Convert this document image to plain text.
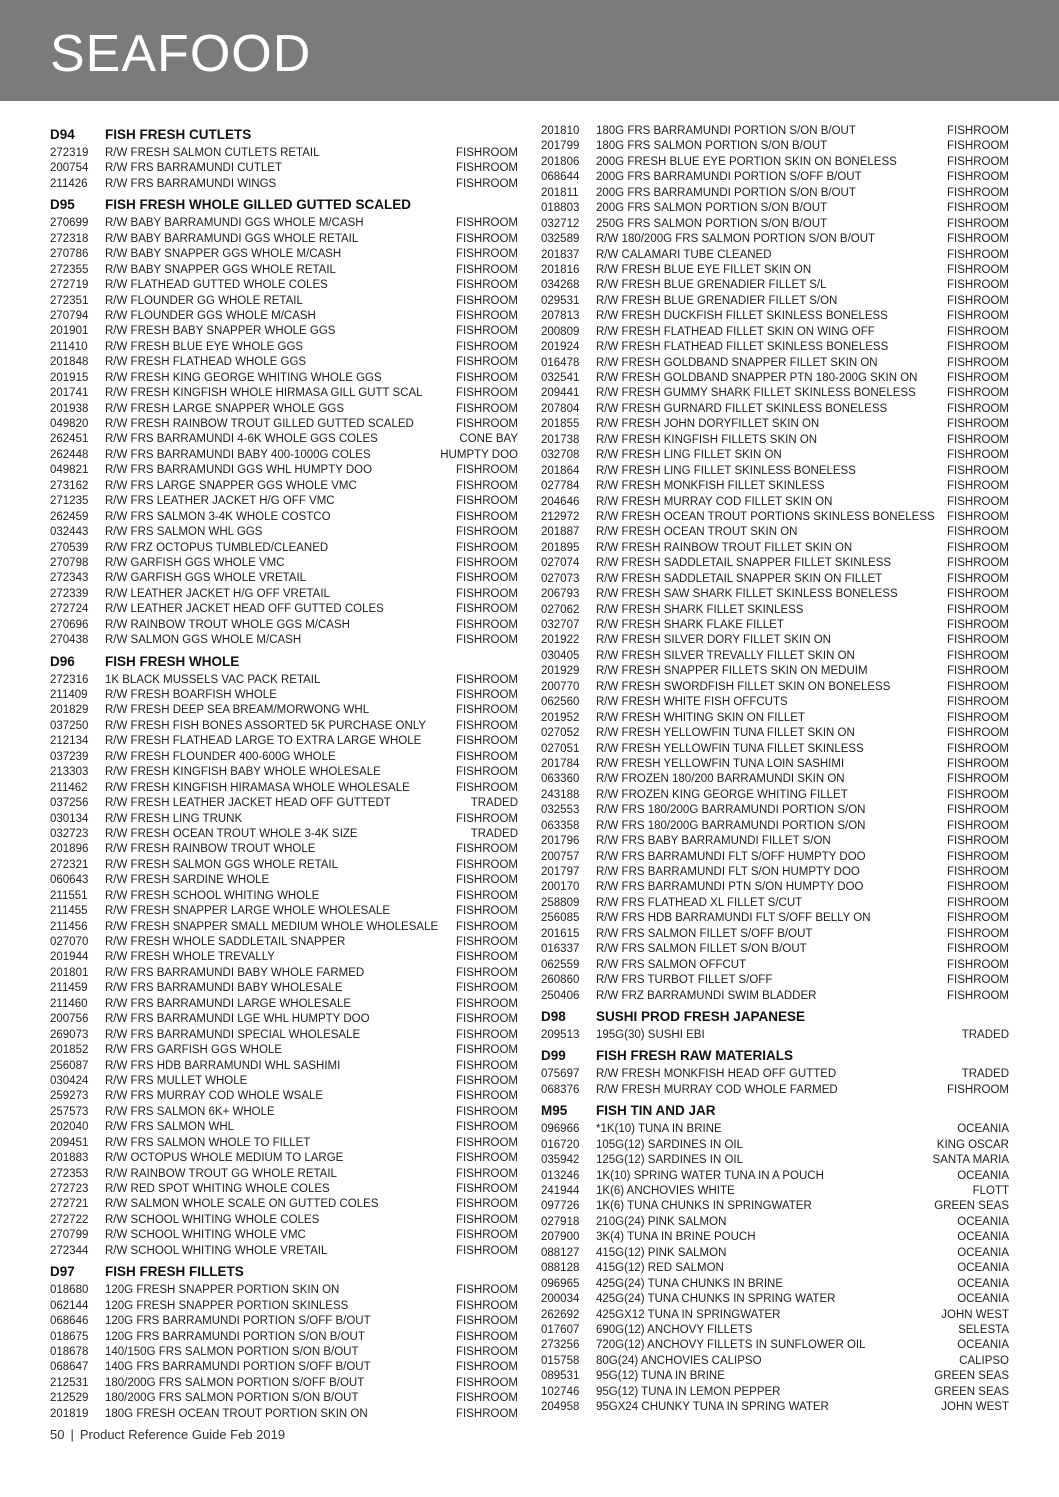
SEAFOOD
D94	FISH FRESH CUTLETS
272319	R/W FRESH SALMON CUTLETS RETAIL	FISHROOM
200754	R/W FRS BARRAMUNDI CUTLET	FISHROOM
211426	R/W FRS BARRAMUNDI WINGS	FISHROOM
D95	FISH FRESH WHOLE GILLED GUTTED SCALED
270699	R/W BABY BARRAMUNDI GGS WHOLE M/CASH	FISHROOM
272318	R/W BABY BARRAMUNDI GGS WHOLE RETAIL	FISHROOM
270786	R/W BABY SNAPPER GGS WHOLE M/CASH	FISHROOM
272355	R/W BABY SNAPPER GGS WHOLE RETAIL	FISHROOM
272719	R/W FLATHEAD GUTTED WHOLE COLES	FISHROOM
272351	R/W FLOUNDER GG WHOLE RETAIL	FISHROOM
270794	R/W FLOUNDER GGS WHOLE M/CASH	FISHROOM
201901	R/W FRESH BABY SNAPPER WHOLE GGS	FISHROOM
211410	R/W FRESH BLUE EYE WHOLE GGS	FISHROOM
201848	R/W FRESH FLATHEAD WHOLE GGS	FISHROOM
201915	R/W FRESH KING GEORGE WHITING WHOLE GGS	FISHROOM
201741	R/W FRESH KINGFISH WHOLE HIRMASA GILL GUTT SCAL	FISHROOM
201938	R/W FRESH LARGE SNAPPER WHOLE GGS	FISHROOM
049820	R/W FRESH RAINBOW TROUT GILLED GUTTED SCALED	FISHROOM
262451	R/W FRS BARRAMUNDI 4-6K WHOLE GGS COLES	CONE BAY
262448	R/W FRS BARRAMUNDI BABY 400-1000G COLES	HUMPTY DOO
049821	R/W FRS BARRAMUNDI GGS WHL HUMPTY DOO	FISHROOM
273162	R/W FRS LARGE SNAPPER GGS WHOLE VMC	FISHROOM
271235	R/W FRS LEATHER JACKET H/G OFF VMC	FISHROOM
262459	R/W FRS SALMON 3-4K WHOLE COSTCO	FISHROOM
032443	R/W FRS SALMON WHL GGS	FISHROOM
270539	R/W FRZ OCTOPUS TUMBLED/CLEANED	FISHROOM
270798	R/W GARFISH GGS WHOLE VMC	FISHROOM
272343	R/W GARFISH GGS WHOLE VRETAIL	FISHROOM
272339	R/W LEATHER JACKET H/G OFF VRETAIL	FISHROOM
272724	R/W LEATHER JACKET HEAD OFF GUTTED COLES	FISHROOM
270696	R/W RAINBOW TROUT WHOLE GGS M/CASH	FISHROOM
270438	R/W SALMON GGS WHOLE M/CASH	FISHROOM
D96	FISH FRESH WHOLE
272316	1K BLACK MUSSELS VAC PACK RETAIL	FISHROOM
211409	R/W FRESH BOARFISH WHOLE	FISHROOM
201829	R/W FRESH DEEP SEA BREAM/MORWONG WHL	FISHROOM
037250	R/W FRESH FISH BONES ASSORTED 5K PURCHASE ONLY	FISHROOM
212134	R/W FRESH FLATHEAD LARGE TO EXTRA LARGE WHOLE	FISHROOM
037239	R/W FRESH FLOUNDER 400-600G WHOLE	FISHROOM
213303	R/W FRESH KINGFISH BABY WHOLE WHOLESALE	FISHROOM
211462	R/W FRESH KINGFISH HIRAMASA WHOLE WHOLESALE	FISHROOM
037256	R/W FRESH LEATHER JACKET HEAD OFF GUTTEDT	TRADED
030134	R/W FRESH LING TRUNK	FISHROOM
032723	R/W FRESH OCEAN TROUT WHOLE 3-4K SIZE	TRADED
201896	R/W FRESH RAINBOW TROUT WHOLE	FISHROOM
272321	R/W FRESH SALMON GGS WHOLE RETAIL	FISHROOM
060643	R/W FRESH SARDINE WHOLE	FISHROOM
211551	R/W FRESH SCHOOL WHITING WHOLE	FISHROOM
211455	R/W FRESH SNAPPER LARGE WHOLE WHOLESALE	FISHROOM
211456	R/W FRESH SNAPPER SMALL MEDIUM WHOLE WHOLESALE	FISHROOM
027070	R/W FRESH WHOLE SADDLETAIL SNAPPER	FISHROOM
201944	R/W FRESH WHOLE TREVALLY	FISHROOM
201801	R/W FRS BARRAMUNDI BABY WHOLE FARMED	FISHROOM
211459	R/W FRS BARRAMUNDI BABY WHOLESALE	FISHROOM
211460	R/W FRS BARRAMUNDI LARGE WHOLESALE	FISHROOM
200756	R/W FRS BARRAMUNDI LGE WHL HUMPTY DOO	FISHROOM
269073	R/W FRS BARRAMUNDI SPECIAL WHOLESALE	FISHROOM
201852	R/W FRS GARFISH GGS WHOLE	FISHROOM
256087	R/W FRS HDB BARRAMUNDI WHL SASHIMI	FISHROOM
030424	R/W FRS MULLET WHOLE	FISHROOM
259273	R/W FRS MURRAY COD WHOLE WSALE	FISHROOM
257573	R/W FRS SALMON 6K+ WHOLE	FISHROOM
202040	R/W FRS SALMON WHL	FISHROOM
209451	R/W FRS SALMON WHOLE TO FILLET	FISHROOM
201883	R/W OCTOPUS WHOLE MEDIUM TO LARGE	FISHROOM
272353	R/W RAINBOW TROUT GG WHOLE RETAIL	FISHROOM
272723	R/W RED SPOT WHITING WHOLE COLES	FISHROOM
272721	R/W SALMON WHOLE SCALE ON GUTTED COLES	FISHROOM
272722	R/W SCHOOL WHITING WHOLE COLES	FISHROOM
270799	R/W SCHOOL WHITING WHOLE VMC	FISHROOM
272344	R/W SCHOOL WHITING WHOLE VRETAIL	FISHROOM
D97	FISH FRESH FILLETS
018680	120G FRESH SNAPPER PORTION SKIN ON	FISHROOM
062144	120G FRESH SNAPPER PORTION SKINLESS	FISHROOM
068646	120G FRS BARRAMUNDI PORTION S/OFF B/OUT	FISHROOM
018675	120G FRS BARRAMUNDI PORTION S/ON B/OUT	FISHROOM
018678	140/150G FRS SALMON PORTION S/ON B/OUT	FISHROOM
068647	140G FRS BARRAMUNDI PORTION S/OFF B/OUT	FISHROOM
212531	180/200G FRS SALMON PORTION S/OFF B/OUT	FISHROOM
212529	180/200G FRS SALMON PORTION S/ON B/OUT	FISHROOM
201819	180G FRESH OCEAN TROUT PORTION SKIN ON	FISHROOM
201810	180G FRS BARRAMUNDI PORTION S/ON B/OUT	FISHROOM
201799	180G FRS SALMON PORTION S/ON B/OUT	FISHROOM
201806	200G FRESH BLUE EYE PORTION SKIN ON BONELESS	FISHROOM
068644	200G FRS BARRAMUNDI PORTION S/OFF B/OUT	FISHROOM
201811	200G FRS BARRAMUNDI PORTION S/ON B/OUT	FISHROOM
018803	200G FRS SALMON PORTION S/ON B/OUT	FISHROOM
032712	250G FRS SALMON PORTION S/ON B/OUT	FISHROOM
032589	R/W 180/200G FRS SALMON PORTION S/ON B/OUT	FISHROOM
201837	R/W CALAMARI TUBE CLEANED	FISHROOM
201816	R/W FRESH BLUE EYE FILLET SKIN ON	FISHROOM
034268	R/W FRESH BLUE GRENADIER FILLET S/L	FISHROOM
029531	R/W FRESH BLUE GRENADIER FILLET S/ON	FISHROOM
207813	R/W FRESH DUCKFISH FILLET SKINLESS BONELESS	FISHROOM
200809	R/W FRESH FLATHEAD FILLET SKIN ON WING OFF	FISHROOM
201924	R/W FRESH FLATHEAD FILLET SKINLESS BONELESS	FISHROOM
016478	R/W FRESH GOLDBAND SNAPPER FILLET SKIN ON	FISHROOM
032541	R/W FRESH GOLDBAND SNAPPER PTN 180-200G SKIN ON	FISHROOM
209441	R/W FRESH GUMMY SHARK FILLET SKINLESS BONELESS	FISHROOM
207804	R/W FRESH GURNARD FILLET SKINLESS BONELESS	FISHROOM
201855	R/W FRESH JOHN DORYFILLET SKIN ON	FISHROOM
201738	R/W FRESH KINGFISH FILLETS SKIN ON	FISHROOM
032708	R/W FRESH LING FILLET SKIN ON	FISHROOM
201864	R/W FRESH LING FILLET SKINLESS BONELESS	FISHROOM
027784	R/W FRESH MONKFISH FILLET SKINLESS	FISHROOM
204646	R/W FRESH MURRAY COD FILLET SKIN ON	FISHROOM
212972	R/W FRESH OCEAN TROUT PORTIONS SKINLESS BONELESS	FISHROOM
201887	R/W FRESH OCEAN TROUT SKIN ON	FISHROOM
201895	R/W FRESH RAINBOW TROUT FILLET SKIN ON	FISHROOM
027074	R/W FRESH SADDLETAIL SNAPPER FILLET SKINLESS	FISHROOM
027073	R/W FRESH SADDLETAIL SNAPPER SKIN ON FILLET	FISHROOM
206793	R/W FRESH SAW SHARK FILLET SKINLESS BONELESS	FISHROOM
027062	R/W FRESH SHARK FILLET SKINLESS	FISHROOM
032707	R/W FRESH SHARK FLAKE FILLET	FISHROOM
201922	R/W FRESH SILVER DORY FILLET SKIN ON	FISHROOM
030405	R/W FRESH SILVER TREVALLY FILLET SKIN ON	FISHROOM
201929	R/W FRESH SNAPPER FILLETS SKIN ON MEDUIM	FISHROOM
200770	R/W FRESH SWORDFISH FILLET SKIN ON BONELESS	FISHROOM
062560	R/W FRESH WHITE FISH OFFCUTS	FISHROOM
201952	R/W FRESH WHITING SKIN ON FILLET	FISHROOM
027052	R/W FRESH YELLOWFIN TUNA FILLET SKIN ON	FISHROOM
027051	R/W FRESH YELLOWFIN TUNA FILLET SKINLESS	FISHROOM
201784	R/W FRESH YELLOWFIN TUNA LOIN SASHIMI	FISHROOM
063360	R/W FROZEN 180/200 BARRAMUNDI SKIN ON	FISHROOM
243188	R/W FROZEN KING GEORGE WHITING FILLET	FISHROOM
032553	R/W FRS 180/200G BARRAMUNDI PORTION S/ON	FISHROOM
063358	R/W FRS 180/200G BARRAMUNDI PORTION S/ON	FISHROOM
201796	R/W FRS BABY BARRAMUNDI FILLET S/ON	FISHROOM
200757	R/W FRS BARRAMUNDI FLT S/OFF HUMPTY DOO	FISHROOM
201797	R/W FRS BARRAMUNDI FLT S/ON HUMPTY DOO	FISHROOM
200170	R/W FRS BARRAMUNDI PTN S/ON HUMPTY DOO	FISHROOM
258809	R/W FRS FLATHEAD XL FILLET S/CUT	FISHROOM
256085	R/W FRS HDB BARRAMUNDI FLT S/OFF BELLY ON	FISHROOM
201615	R/W FRS SALMON FILLET S/OFF B/OUT	FISHROOM
016337	R/W FRS SALMON FILLET S/ON B/OUT	FISHROOM
062559	R/W FRS SALMON OFFCUT	FISHROOM
260860	R/W FRS TURBOT FILLET S/OFF	FISHROOM
250406	R/W FRZ BARRAMUNDI SWIM BLADDER	FISHROOM
D98	SUSHI PROD FRESH JAPANESE
209513	195G(30) SUSHI EBI	TRADED
D99	FISH FRESH RAW MATERIALS
075697	R/W FRESH MONKFISH HEAD OFF GUTTED	TRADED
068376	R/W FRESH MURRAY COD WHOLE FARMED	FISHROOM
M95	FISH TIN AND JAR
096966	*1K(10) TUNA IN BRINE	OCEANIA
016720	105G(12) SARDINES IN OIL	KING OSCAR
035942	125G(12) SARDINES IN OIL	SANTA MARIA
013246	1K(10) SPRING WATER TUNA IN A POUCH	OCEANIA
241944	1K(6) ANCHOVIES WHITE	FLOTT
097726	1K(6) TUNA CHUNKS IN SPRINGWATER	GREEN SEAS
027918	210G(24) PINK SALMON	OCEANIA
207900	3K(4) TUNA IN BRINE POUCH	OCEANIA
088127	415G(12) PINK SALMON	OCEANIA
088128	415G(12) RED SALMON	OCEANIA
096965	425G(24) TUNA CHUNKS IN BRINE	OCEANIA
200034	425G(24) TUNA CHUNKS IN SPRING WATER	OCEANIA
262692	425GX12 TUNA IN SPRINGWATER	JOHN WEST
017607	690G(12) ANCHOVY FILLETS	SELESTA
273256	720G(12) ANCHOVY FILLETS IN SUNFLOWER OIL	OCEANIA
015758	80G(24) ANCHOVIES CALIPSO	CALIPSO
089531	95G(12) TUNA IN BRINE	GREEN SEAS
102746	95G(12) TUNA IN LEMON PEPPER	GREEN SEAS
204958	95GX24 CHUNKY TUNA IN SPRING WATER	JOHN WEST
50 | Product Reference Guide Feb 2019
